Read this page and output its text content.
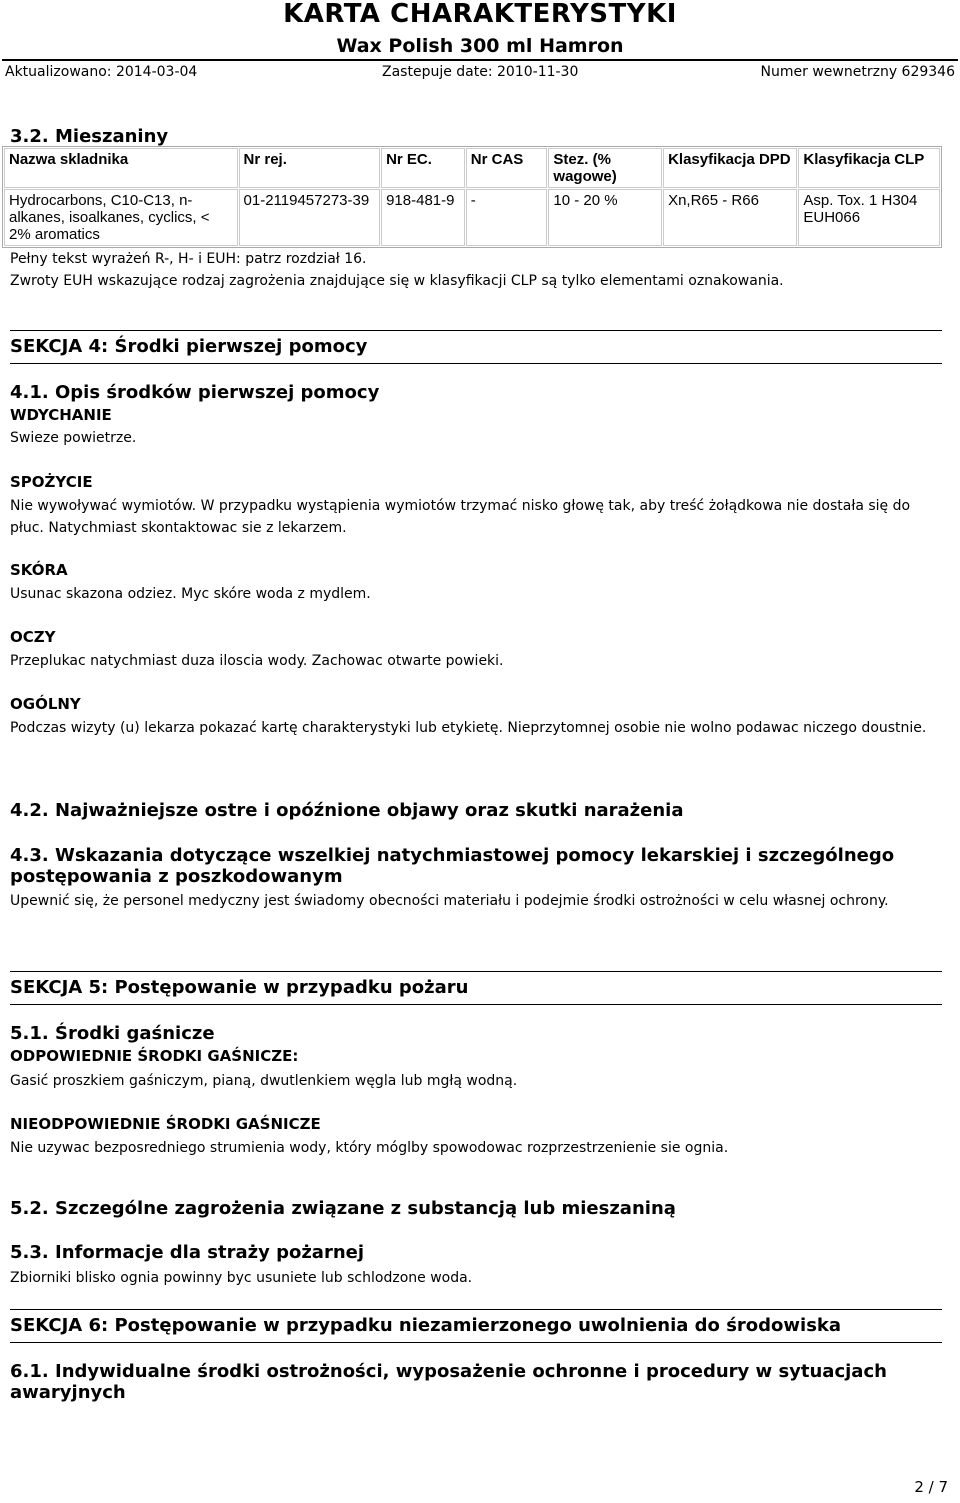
KARTA CHARAKTERYSTYKI
Wax Polish 300 ml Hamron
Aktualizowano: 2014-03-04	Zastepuje date: 2010-11-30	Numer wewnetrzny 629346
3.2. Mieszaniny
Nazwa skladnika	Nr rej.	Nr EC.	Nr CAS	Stez. (% wagowe)	Klasyfikacja DPD	Klasyfikacja CLP
Hydrocarbons, C10-C13, n-alkanes, isoalkanes, cyclics, < 2% aromatics	01-2119457273-39	918-481-9	-	10 - 20 %	Xn,R65 - R66	Asp. Tox. 1 H304
EUH066
Pełny tekst wyrażeń R-, H- i EUH: patrz rozdział 16.
Zwroty EUH wskazujące rodzaj zagrożenia znajdujące się w klasyfikacji CLP są tylko elementami oznakowania.
SEKCJA 4: Środki pierwszej pomocy
4.1. Opis środków pierwszej pomocy
WDYCHANIE
Swieze powietrze.
SPOŻYCIE
Nie wywoływać wymiotów. W przypadku wystąpienia wymiotów trzymać nisko głowę tak, aby treść żołądkowa nie dostała się do płuc. Natychmiast skontaktowac sie z lekarzem.
SKÓRA
Usunac skazona odziez. Myc skóre woda z mydlem.
OCZY
Przeplukac natychmiast duza iloscia wody. Zachowac otwarte powieki.
OGÓLNY
Podczas wizyty (u) lekarza pokazać kartę charakterystyki lub etykietę. Nieprzytomnej osobie nie wolno podawac niczego doustnie.
4.2. Najważniejsze ostre i opóźnione objawy oraz skutki narażenia
4.3. Wskazania dotyczące wszelkiej natychmiastowej pomocy lekarskiej i szczególnego postępowania z poszkodowanym
Upewnić się, że personel medyczny jest świadomy obecności materiału i podejmie środki ostrożności w celu własnej ochrony.
SEKCJA 5: Postępowanie w przypadku pożaru
5.1. Środki gaśnicze
ODPOWIEDNIE ŚRODKI GAŚNICZE:
Gasić proszkiem gaśniczym, pianą, dwutlenkiem węgla lub mgłą wodną.
NIEODPOWIEDNIE ŚRODKI GAŚNICZE
Nie uzywac bezposredniego strumienia wody, który móglby spowodowac rozprzestrzenienie sie ognia.
5.2. Szczególne zagrożenia związane z substancją lub mieszaniną
5.3. Informacje dla straży pożarnej
Zbiorniki blisko ognia powinny byc usuniete lub schlodzone woda.
SEKCJA 6: Postępowanie w przypadku niezamierzonego uwolnienia do środowiska
6.1. Indywidualne środki ostrożności, wyposażenie ochronne i procedury w sytuacjach awaryjnych
2 / 7
